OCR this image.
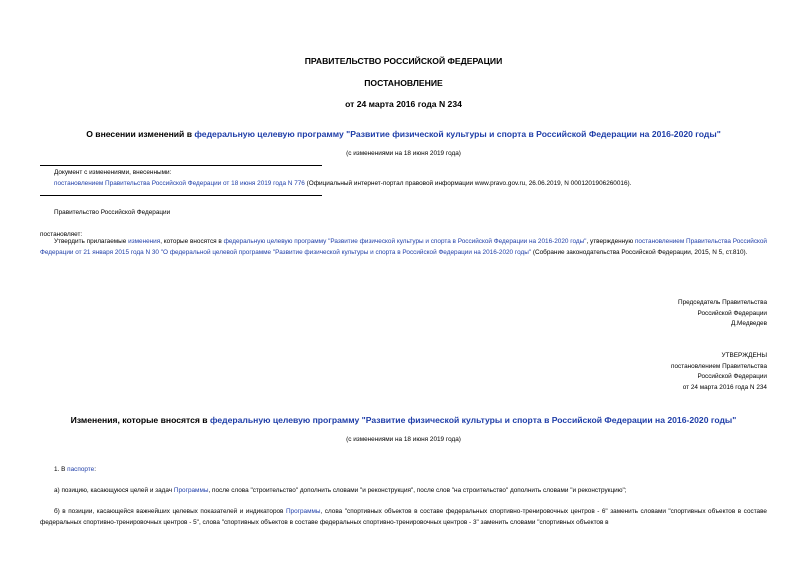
ПРАВИТЕЛЬСТВО РОССИЙСКОЙ ФЕДЕРАЦИИ
ПОСТАНОВЛЕНИЕ
от 24 марта 2016 года N 234
О внесении изменений в федеральную целевую программу "Развитие физической культуры и спорта в Российской Федерации на 2016-2020 годы"
(с изменениями на 18 июня 2019 года)
Документ с изменениями, внесенными:
постановлением Правительства Российской Федерации от 18 июня 2019 года N 776 (Официальный интернет-портал правовой информации www.pravo.gov.ru, 26.06.2019, N 0001201906260016).
Правительство Российской Федерации
постановляет:
Утвердить прилагаемые изменения, которые вносятся в федеральную целевую программу "Развитие физической культуры и спорта в Российской Федерации на 2016-2020 годы", утвержденную постановлением Правительства Российской Федерации от 21 января 2015 года N 30 "О федеральной целевой программе "Развитие физической культуры и спорта в Российской Федерации на 2016-2020 годы" (Собрание законодательства Российской Федерации, 2015, N 5, ст.810).
Председатель Правительства
Российской Федерации
Д.Медведев
УТВЕРЖДЕНЫ
постановлением Правительства
Российской Федерации
от 24 марта 2016 года N 234
Изменения, которые вносятся в федеральную целевую программу "Развитие физической культуры и спорта в Российской Федерации на 2016-2020 годы"
(с изменениями на 18 июня 2019 года)
1. В паспорте:
а) позицию, касающуюся целей и задач Программы, после слова "строительство" дополнить словами "и реконструкция", после слов "на строительство" дополнить словами "и реконструкцию";
б) в позиции, касающейся важнейших целевых показателей и индикаторов Программы, слова "спортивных объектов в составе федеральных спортивно-тренировочных центров - 6" заменить словами "спортивных объектов в составе федеральных спортивно-тренировочных центров - 5", слова "спортивных объектов в составе федеральных спортивно-тренировочных центров - 3" заменить словами "спортивных объектов в
